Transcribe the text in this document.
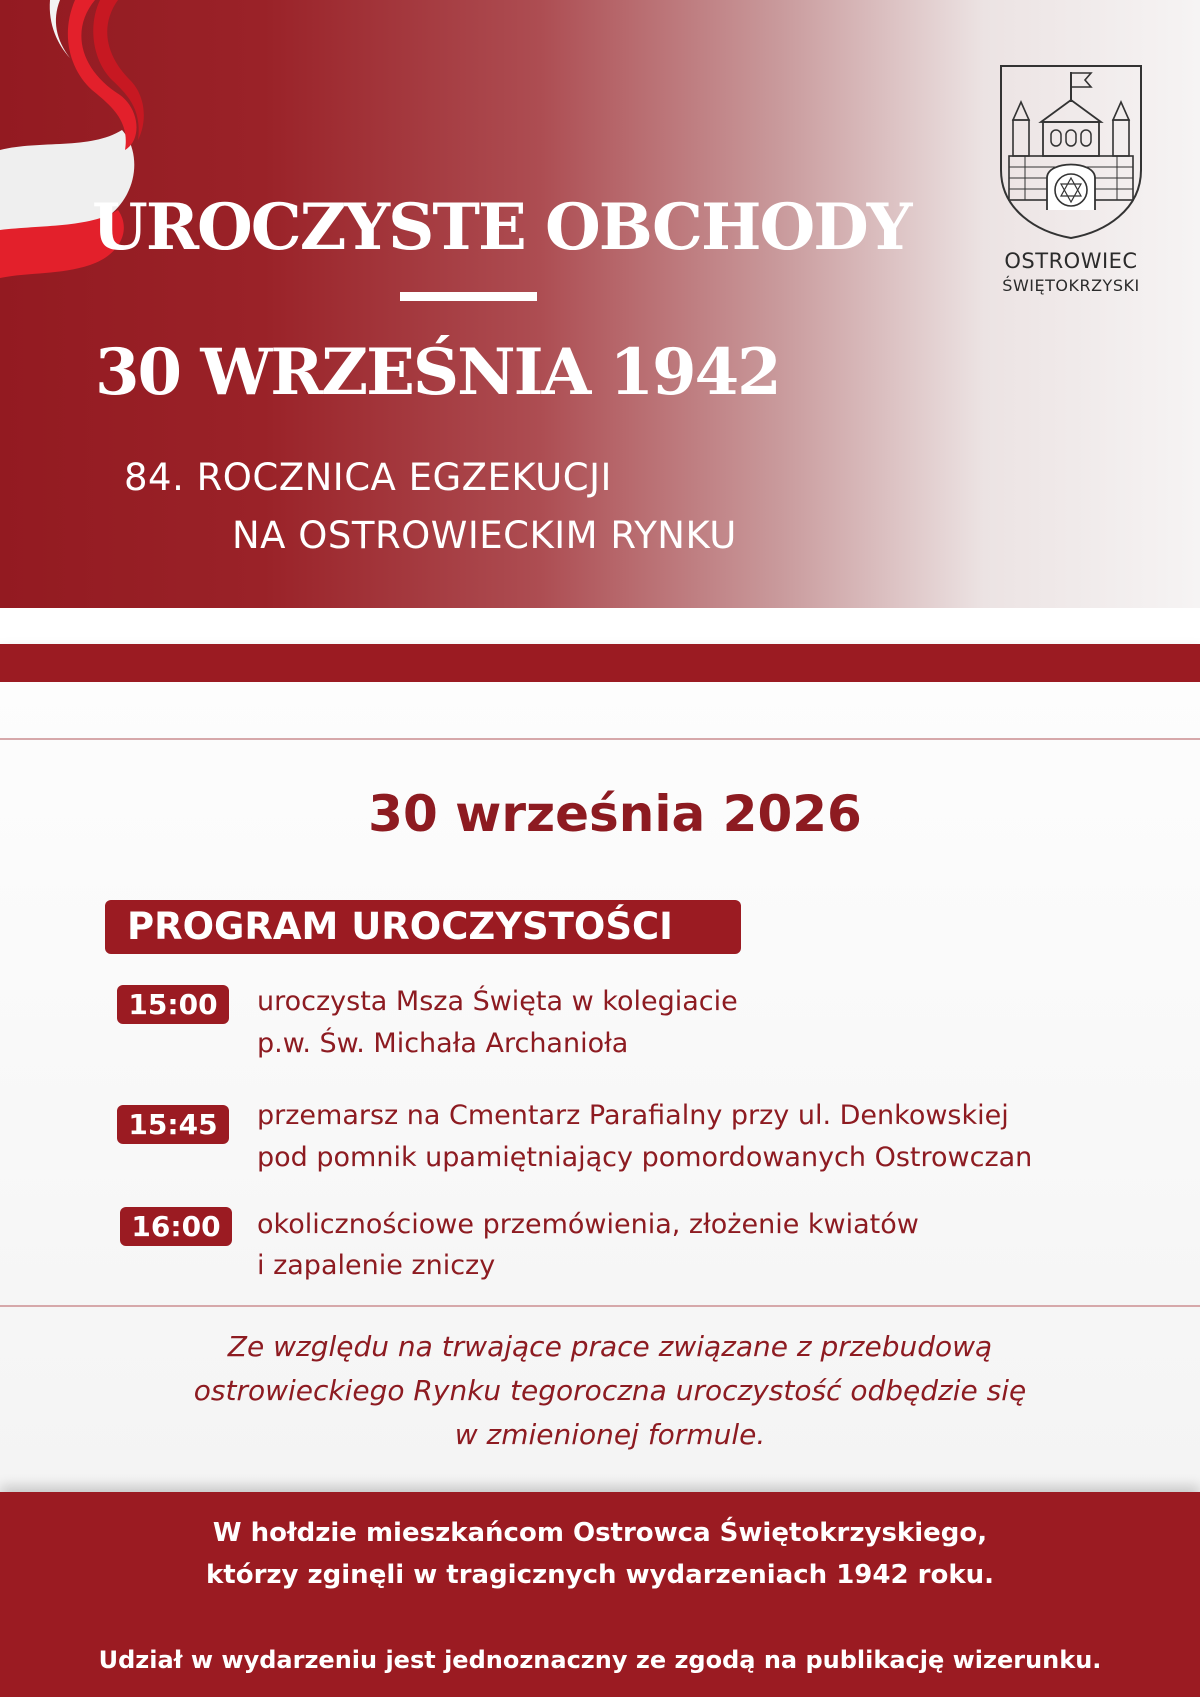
UROCZYSTE OBCHODY
30 WRZEŚNIA 1942
84. ROCZNICA EGZEKUCJI
NA OSTROWIECKIM RYNKU
OSTROWIEC
ŚWIĘTOKRZYSKI
30 września 2026
PROGRAM UROCZYSTOŚCI
15:00	uroczysta Msza Święta w kolegiacie
p.w. Św. Michała Archanioła
15:45	przemarsz na Cmentarz Parafialny przy ul. Denkowskiej
pod pomnik upamiętniający pomordowanych Ostrowczan
16:00	okolicznościowe przemówienia, złożenie kwiatów
i zapalenie zniczy
Ze względu na trwające prace związane z przebudową
ostrowieckiego Rynku tegoroczna uroczystość odbędzie się
w zmienionej formule.
W hołdzie mieszkańcom Ostrowca Świętokrzyskiego,
którzy zginęli w tragicznych wydarzeniach 1942 roku.
Udział w wydarzeniu jest jednoznaczny ze zgodą na publikację wizerunku.
